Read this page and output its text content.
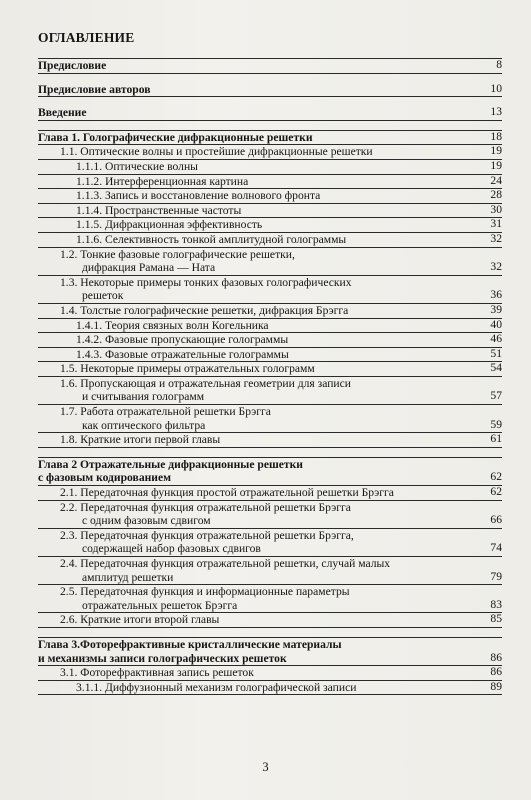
ОГЛАВЛЕНИЕ
Предисловие	8
Предисловие авторов	10
Введение	13
Глава 1. Голографические дифракционные решетки	18
1.1. Оптические волны и простейшие дифракционные решетки	19
1.1.1. Оптические волны	19
1.1.2. Интерференционная картина	24
1.1.3. Запись и восстановление волнового фронта	28
1.1.4. Пространственные частоты	30
1.1.5. Дифракционная эффективность	31
1.1.6. Селективность тонкой амплитудной голограммы	32
1.2. Тонкие фазовые голографические решетки,
дифракция Рамана — Ната	32
1.3. Некоторые примеры тонких фазовых голографических
решеток	36
1.4. Толстые голографические решетки, дифракция Брэгга	39
1.4.1. Теория связных волн Когельника	40
1.4.2. Фазовые пропускающие голограммы	46
1.4.3. Фазовые отражательные голограммы	51
1.5. Некоторые примеры отражательных голограмм	54
1.6. Пропускающая и отражательная геометрии для записи
и считывания голограмм	57
1.7. Работа отражательной решетки Брэгга
как оптического фильтра	59
1.8. Краткие итоги первой главы	61
Глава 2 Отражательные дифракционные решетки
с фазовым кодированием	62
2.1. Передаточная функция простой отражательной решетки Брэгга	62
2.2. Передаточная функция отражательной решетки Брэгга
с одним фазовым сдвигом	66
2.3. Передаточная функция отражательной решетки Брэгга,
содержащей набор фазовых сдвигов	74
2.4. Передаточная функция отражательной решетки, случай малых
амплитуд решетки	79
2.5. Передаточная функция и информационные параметры
отражательных решеток Брэгга	83
2.6. Краткие итоги второй главы	85
Глава 3.Фоторефрактивные кристаллические материалы
и механизмы записи голографических решеток	86
3.1. Фоторефрактивная запись решеток	86
3.1.1. Диффузионный механизм голографической записи	89
3
